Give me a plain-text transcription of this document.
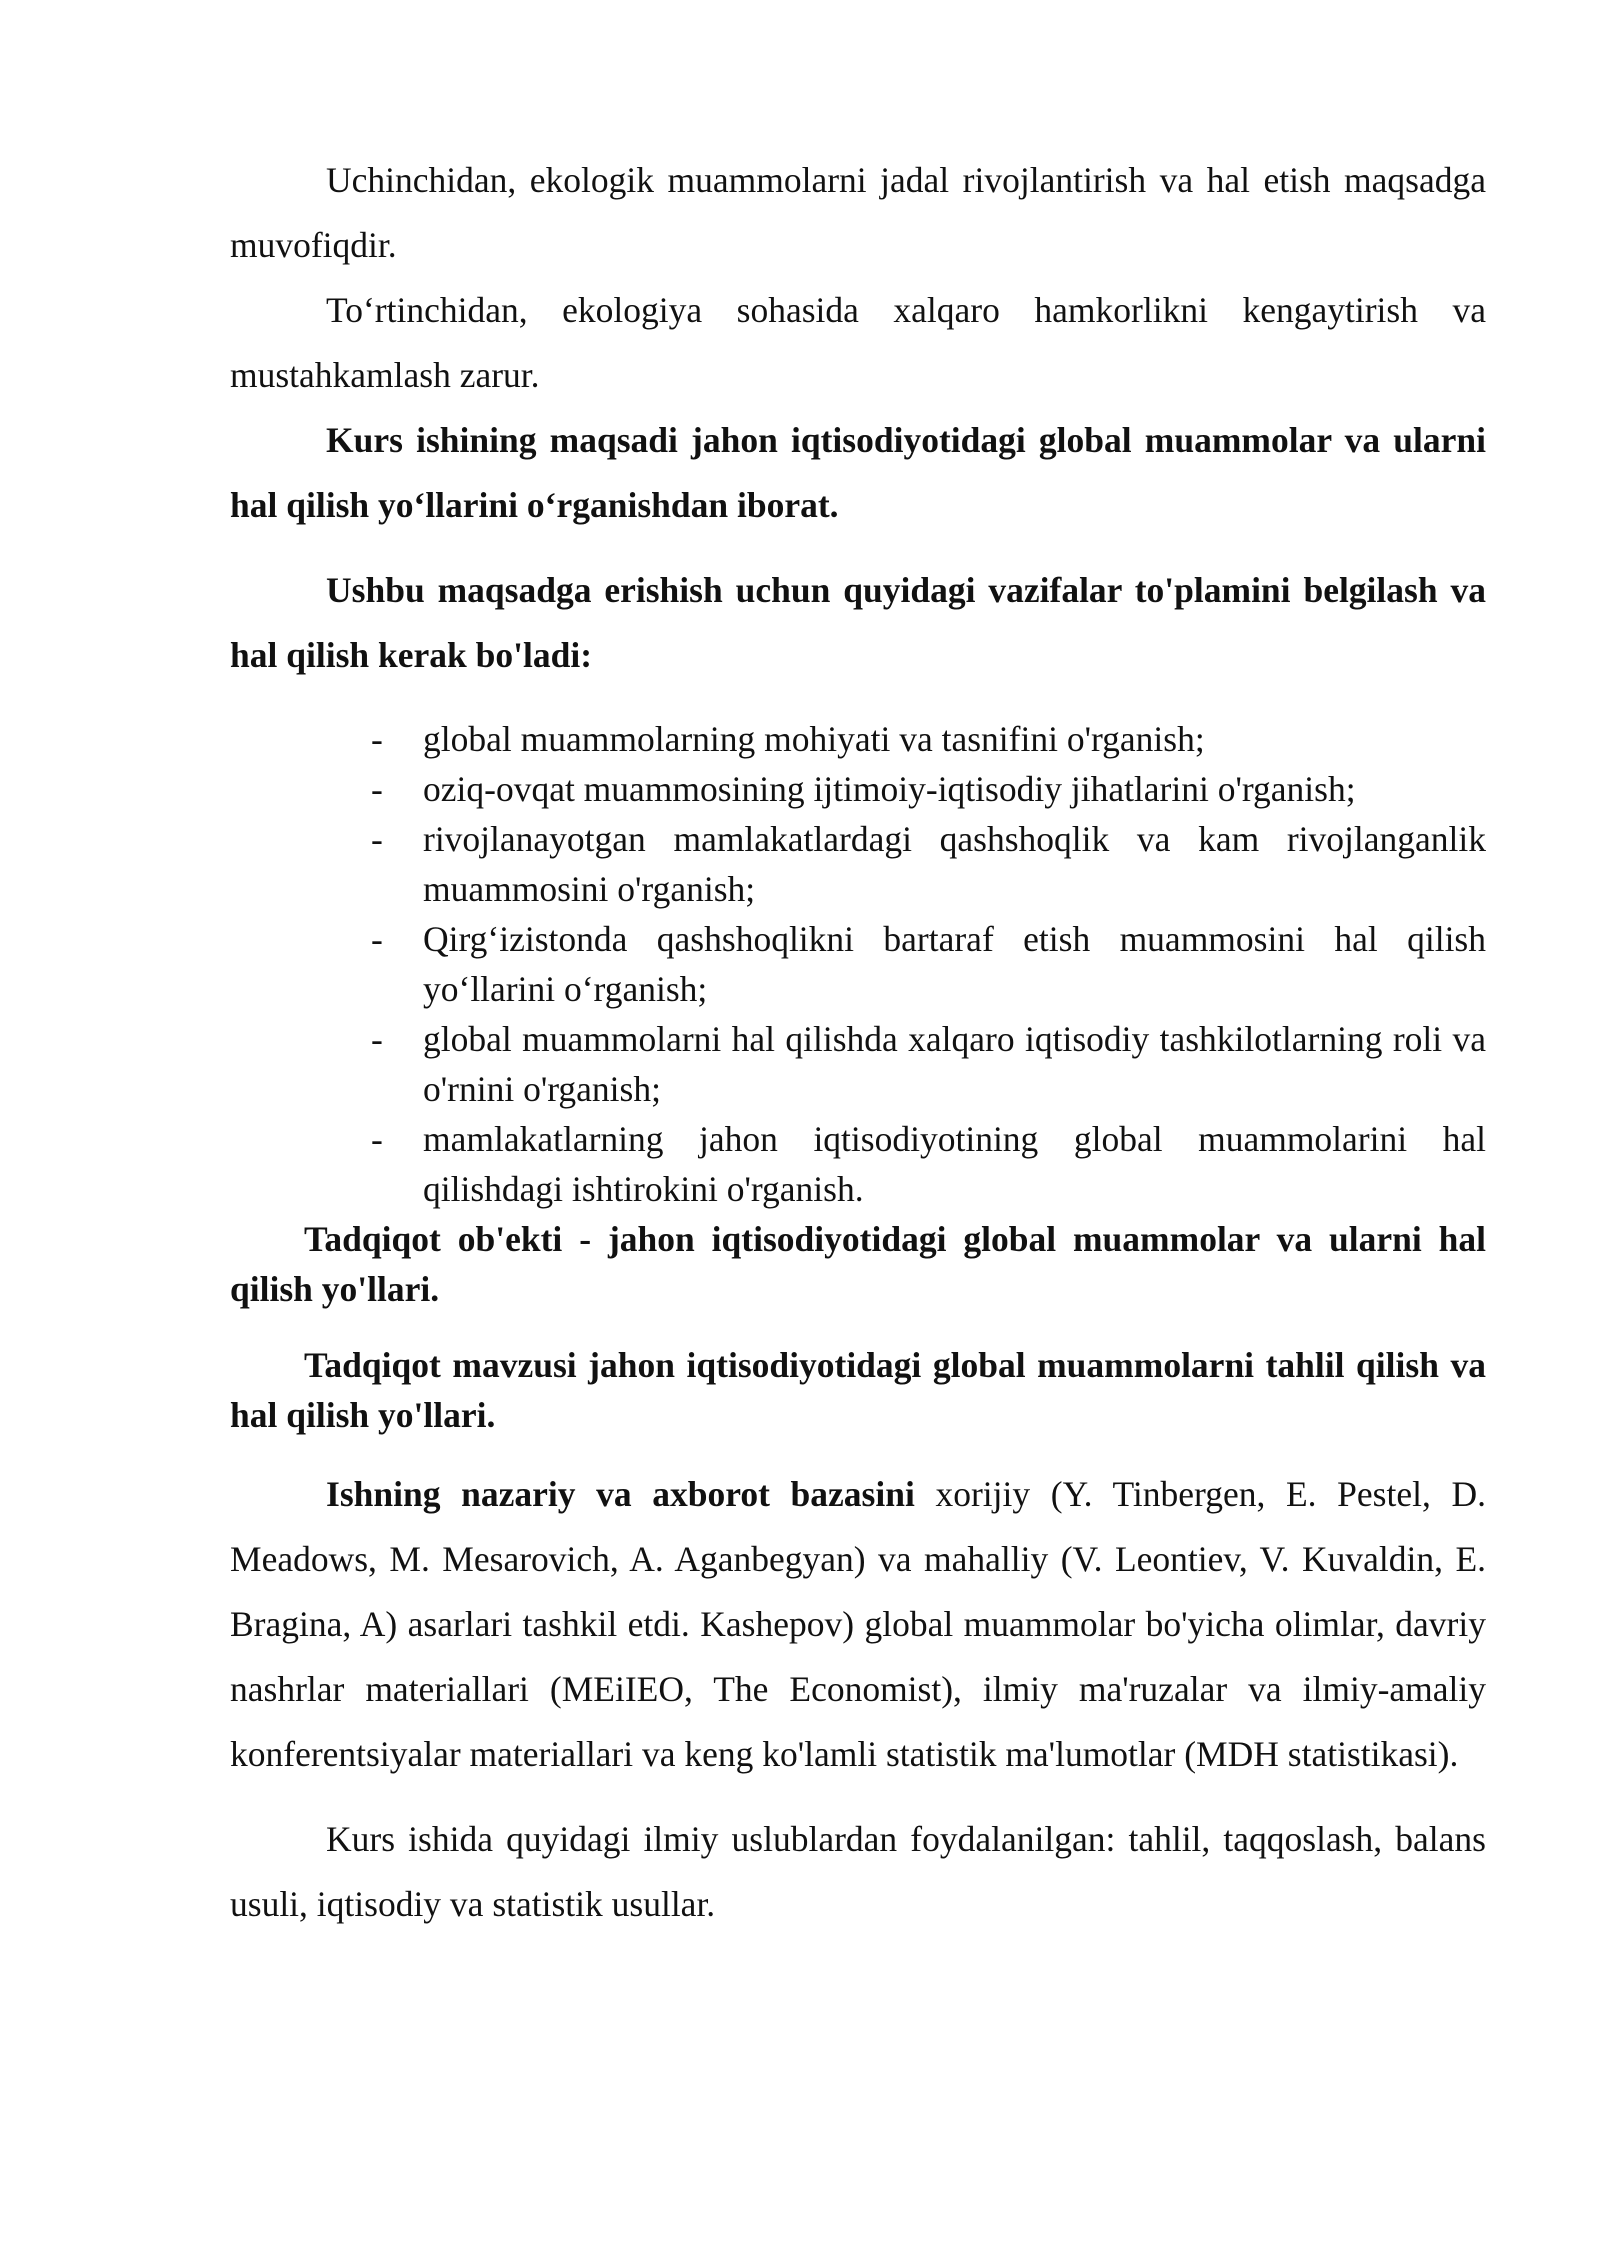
Uchinchidan, ekologik muammolarni jadal rivojlantirish va hal etish maqsadga muvofiqdir.

To‘rtinchidan, ekologiya sohasida xalqaro hamkorlikni kengaytirish va mustahkamlash zarur.

Kurs ishining maqsadi jahon iqtisodiyotidagi global muammolar va ularni hal qilish yo‘llarini o‘rganishdan iborat.

Ushbu maqsadga erishish uchun quyidagi vazifalar to'plamini belgilash va hal qilish kerak bo'ladi:

- global muammolarning mohiyati va tasnifini o'rganish;
- oziq-ovqat muammosining ijtimoiy-iqtisodiy jihatlarini o'rganish;
- rivojlanayotgan mamlakatlardagi qashshoqlik va kam rivojlanganlik muammosini o'rganish;
- Qirg‘izistonda qashshoqlikni bartaraf etish muammosini hal qilish yo‘llarini o‘rganish;
- global muammolarni hal qilishda xalqaro iqtisodiy tashkilotlarning roli va o'rnini o'rganish;
- mamlakatlarning jahon iqtisodiyotining global muammolarini hal qilishdagi ishtirokini o'rganish.

Tadqiqot ob'ekti - jahon iqtisodiyotidagi global muammolar va ularni hal qilish yo'llari.

Tadqiqot mavzusi jahon iqtisodiyotidagi global muammolarni tahlil qilish va hal qilish yo'llari.

Ishning nazariy va axborot bazasini xorijiy (Y. Tinbergen, E. Pestel, D. Meadows, M. Mesarovich, A. Aganbegyan) va mahalliy (V. Leontiev, V. Kuvaldin, E. Bragina, A) asarlari tashkil etdi. Kashepov) global muammolar bo'yicha olimlar, davriy nashrlar materiallari (MEiIEO, The Economist), ilmiy ma'ruzalar va ilmiy-amaliy konferentsiyalar materiallari va keng ko'lamli statistik ma'lumotlar (MDH statistikasi).

Kurs ishida quyidagi ilmiy uslublardan foydalanilgan: tahlil, taqqoslash, balans usuli, iqtisodiy va statistik usullar.
